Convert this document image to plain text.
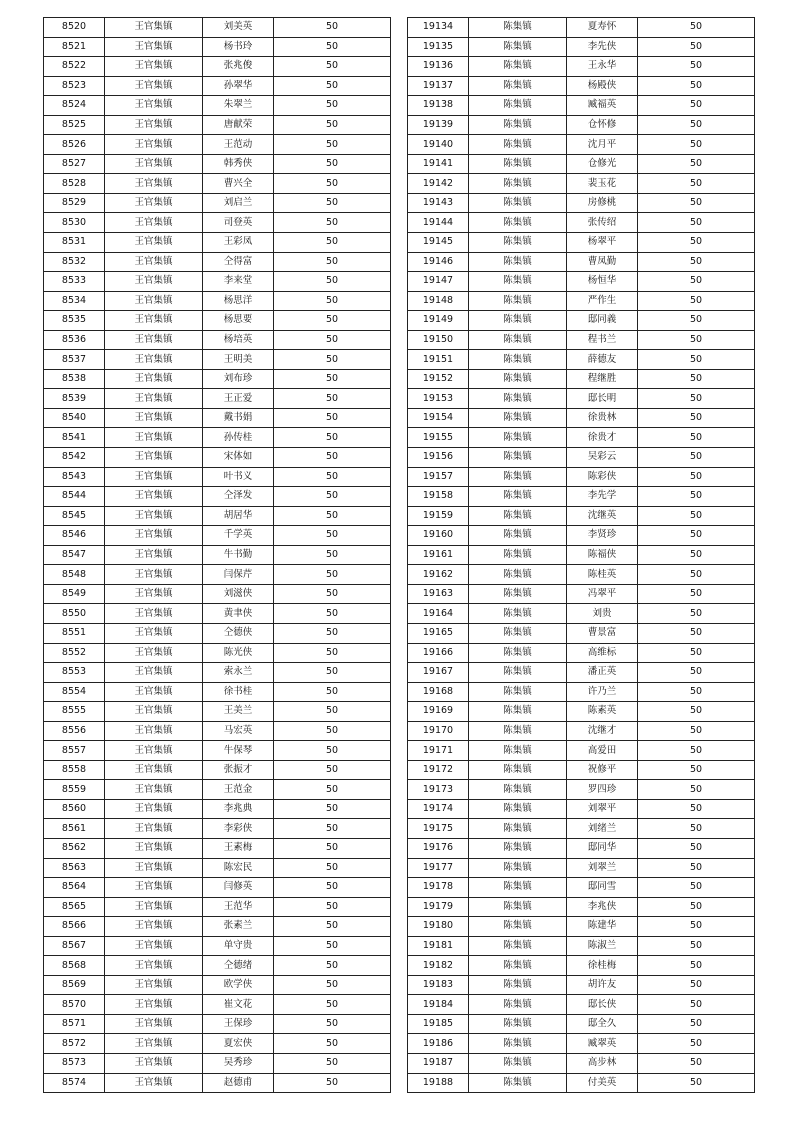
8520	王官集镇	刘美英	50
8521	王官集镇	杨书玲	50
8522	王官集镇	张兆俊	50
8523	王官集镇	孙翠华	50
8524	王官集镇	朱翠兰	50
8525	王官集镇	唐献荣	50
8526	王官集镇	王范动	50
8527	王官集镇	韩秀侠	50
8528	王官集镇	曹兴全	50
8529	王官集镇	刘启兰	50
8530	王官集镇	司登英	50
8531	王官集镇	王彩凤	50
8532	王官集镇	仝得富	50
8533	王官集镇	李来堂	50
8534	王官集镇	杨思洋	50
8535	王官集镇	杨思要	50
8536	王官集镇	杨培英	50
8537	王官集镇	王明美	50
8538	王官集镇	刘布珍	50
8539	王官集镇	王正爱	50
8540	王官集镇	戴书娟	50
8541	王官集镇	孙传桂	50
8542	王官集镇	宋体如	50
8543	王官集镇	叶书义	50
8544	王官集镇	仝泽发	50
8545	王官集镇	胡居华	50
8546	王官集镇	千学英	50
8547	王官集镇	牛书勤	50
8548	王官集镇	闫保芹	50
8549	王官集镇	刘滋侠	50
8550	王官集镇	黄聿侠	50
8551	王官集镇	仝德侠	50
8552	王官集镇	陈光侠	50
8553	王官集镇	索永兰	50
8554	王官集镇	徐书桂	50
8555	王官集镇	王美兰	50
8556	王官集镇	马宏英	50
8557	王官集镇	牛保琴	50
8558	王官集镇	张振才	50
8559	王官集镇	王范金	50
8560	王官集镇	李兆典	50
8561	王官集镇	李彩侠	50
8562	王官集镇	王素梅	50
8563	王官集镇	陈宏民	50
8564	王官集镇	闫修英	50
8565	王官集镇	王范华	50
8566	王官集镇	张素兰	50
8567	王官集镇	单守贵	50
8568	王官集镇	仝德绪	50
8569	王官集镇	欧学侠	50
8570	王官集镇	崔文花	50
8571	王官集镇	王保珍	50
8572	王官集镇	夏宏侠	50
8573	王官集镇	吴秀珍	50
8574	王官集镇	赵德甫	50
19134	陈集镇	夏寿怀	50
19135	陈集镇	李先侠	50
19136	陈集镇	王永华	50
19137	陈集镇	杨殿侠	50
19138	陈集镇	臧福英	50
19139	陈集镇	仓怀修	50
19140	陈集镇	沈月平	50
19141	陈集镇	仓修光	50
19142	陈集镇	裴玉花	50
19143	陈集镇	房修桃	50
19144	陈集镇	张传绍	50
19145	陈集镇	杨翠平	50
19146	陈集镇	曹凤勤	50
19147	陈集镇	杨恒华	50
19148	陈集镇	严作生	50
19149	陈集镇	邸同義	50
19150	陈集镇	程书兰	50
19151	陈集镇	薛德友	50
19152	陈集镇	程继胜	50
19153	陈集镇	邸长明	50
19154	陈集镇	徐贵林	50
19155	陈集镇	徐贵才	50
19156	陈集镇	吴彩云	50
19157	陈集镇	陈彩侠	50
19158	陈集镇	李先学	50
19159	陈集镇	沈继英	50
19160	陈集镇	李贤珍	50
19161	陈集镇	陈福侠	50
19162	陈集镇	陈桂英	50
19163	陈集镇	冯翠平	50
19164	陈集镇	刘贵	50
19165	陈集镇	曹景富	50
19166	陈集镇	高维标	50
19167	陈集镇	潘正英	50
19168	陈集镇	许乃兰	50
19169	陈集镇	陈素英	50
19170	陈集镇	沈继才	50
19171	陈集镇	高爱田	50
19172	陈集镇	祝修平	50
19173	陈集镇	罗四珍	50
19174	陈集镇	刘翠平	50
19175	陈集镇	刘绪兰	50
19176	陈集镇	邸同华	50
19177	陈集镇	刘翠兰	50
19178	陈集镇	邸同雪	50
19179	陈集镇	李兆侠	50
19180	陈集镇	陈建华	50
19181	陈集镇	陈淑兰	50
19182	陈集镇	徐桂梅	50
19183	陈集镇	胡许友	50
19184	陈集镇	邸长侠	50
19185	陈集镇	邸全久	50
19186	陈集镇	臧翠英	50
19187	陈集镇	高步林	50
19188	陈集镇	付美英	50
